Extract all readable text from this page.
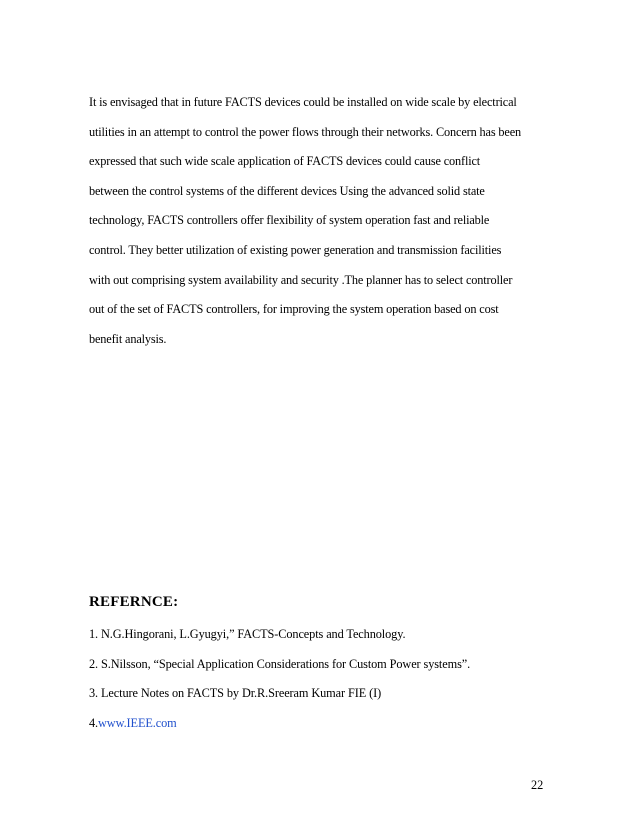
It is envisaged that in future FACTS devices could be installed on wide scale by electrical
utilities in an attempt to control the power flows through their networks. Concern has been
expressed that such wide scale application of FACTS devices could cause conflict
between the control systems of the different devices Using the advanced solid state
technology, FACTS controllers offer flexibility of system operation fast and reliable
control. They better utilization of existing power generation and transmission facilities
with out comprising system availability and security .The planner has to select controller
out of the set of FACTS controllers, for improving the system operation based on cost
benefit analysis.

REFERNCE:
1. N.G.Hingorani, L.Gyugyi,” FACTS-Concepts and Technology.
2. S.Nilsson, “Special Application Considerations for Custom Power systems”.
3. Lecture Notes on FACTS by Dr.R.Sreeram Kumar FIE (I)
4.www.IEEE.com
22
